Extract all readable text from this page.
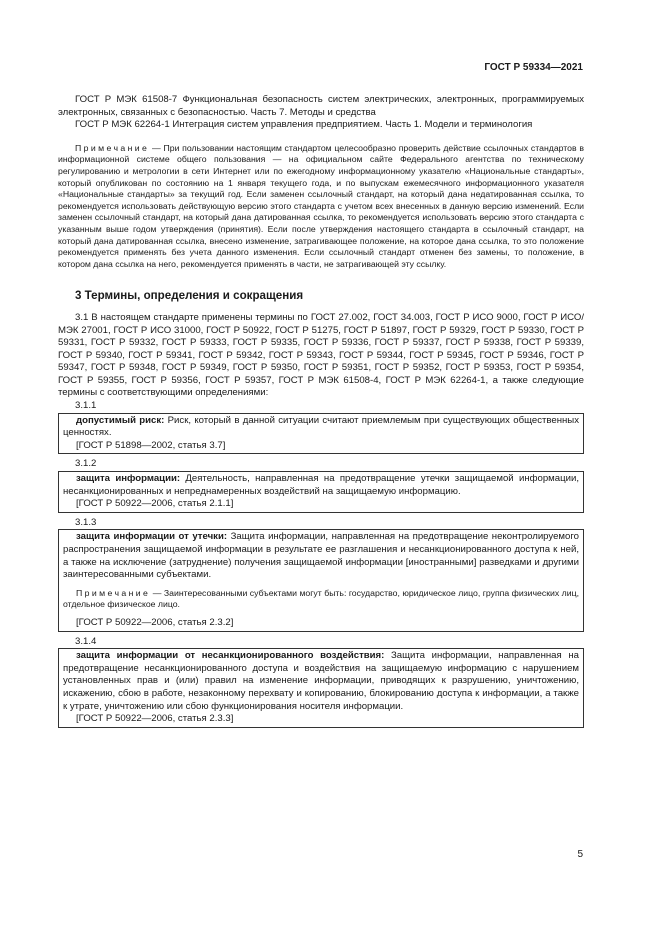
ГОСТ Р 59334—2021

ГОСТ Р МЭК 61508-7 Функциональная безопасность систем электрических, электронных, программируемых электронных, связанных с безопасностью. Часть 7. Методы и средства

ГОСТ Р МЭК 62264-1 Интеграция систем управления предприятием. Часть 1. Модели и терминология

Примечание — При пользовании настоящим стандартом целесообразно проверить действие ссылочных стандартов в информационной системе общего пользования — на официальном сайте Федерального агентства по техническому регулированию и метрологии в сети Интернет или по ежегодному информационному указателю «Национальные стандарты», который опубликован по состоянию на 1 января текущего года, и по выпускам ежемесячного информационного указателя «Национальные стандарты» за текущий год. Если заменен ссылочный стандарт, на который дана недатированная ссылка, то рекомендуется использовать действующую версию этого стандарта с учетом всех внесенных в данную версию изменений. Если заменен ссылочный стандарт, на который дана датированная ссылка, то рекомендуется использовать версию этого стандарта с указанным выше годом утверждения (принятия). Если после утверждения настоящего стандарта в ссылочный стандарт, на который дана датированная ссылка, внесено изменение, затрагивающее положение, на которое дана ссылка, то это положение рекомендуется применять без учета данного изменения. Если ссылочный стандарт отменен без замены, то положение, в котором дана ссылка на него, рекомендуется применять в части, не затрагивающей эту ссылку.

3 Термины, определения и сокращения

3.1 В настоящем стандарте применены термины по ГОСТ 27.002, ГОСТ 34.003, ГОСТ Р ИСО 9000, ГОСТ Р ИСО/МЭК 27001, ГОСТ Р ИСО 31000, ГОСТ Р 50922, ГОСТ Р 51275, ГОСТ Р 51897, ГОСТ Р 59329, ГОСТ Р 59330, ГОСТ Р 59331, ГОСТ Р 59332, ГОСТ Р 59333, ГОСТ Р 59335, ГОСТ Р 59336, ГОСТ Р 59337, ГОСТ Р 59338, ГОСТ Р 59339, ГОСТ Р 59340, ГОСТ Р 59341, ГОСТ Р 59342, ГОСТ Р 59343, ГОСТ Р 59344, ГОСТ Р 59345, ГОСТ Р 59346, ГОСТ Р 59347, ГОСТ Р 59348, ГОСТ Р 59349, ГОСТ Р 59350, ГОСТ Р 59351, ГОСТ Р 59352, ГОСТ Р 59353, ГОСТ Р 59354, ГОСТ Р 59355, ГОСТ Р 59356, ГОСТ Р 59357, ГОСТ Р МЭК 61508-4, ГОСТ Р МЭК 62264-1, а также следующие термины с соответствующими определениями:

3.1.1

допустимый риск: Риск, который в данной ситуации считают приемлемым при существующих общественных ценностях.

[ГОСТ Р 51898—2002, статья 3.7]
3.1.2

защита информации: Деятельность, направленная на предотвращение утечки защищаемой информации, несанкционированных и непреднамеренных воздействий на защищаемую информацию.

[ГОСТ Р 50922—2006, статья 2.1.1]
3.1.3

защита информации от утечки: Защита информации, направленная на предотвращение неконтролируемого распространения защищаемой информации в результате ее разглашения и несанкционированного доступа к ней, а также на исключение (затруднение) получения защищаемой информации [иностранными] разведками и другими заинтересованными субъектами.

Примечание — Заинтересованными субъектами могут быть: государство, юридическое лицо, группа физических лиц, отдельное физическое лицо.

[ГОСТ Р 50922—2006, статья 2.3.2]
3.1.4

защита информации от несанкционированного воздействия: Защита информации, направленная на предотвращение несанкционированного доступа и воздействия на защищаемую информацию с нарушением установленных прав и (или) правил на изменение информации, приводящих к разрушению, уничтожению, искажению, сбою в работе, незаконному перехвату и копированию, блокированию доступа к информации, а также к утрате, уничтожению или сбою функционирования носителя информации.

[ГОСТ Р 50922—2006, статья 2.3.3]
5
